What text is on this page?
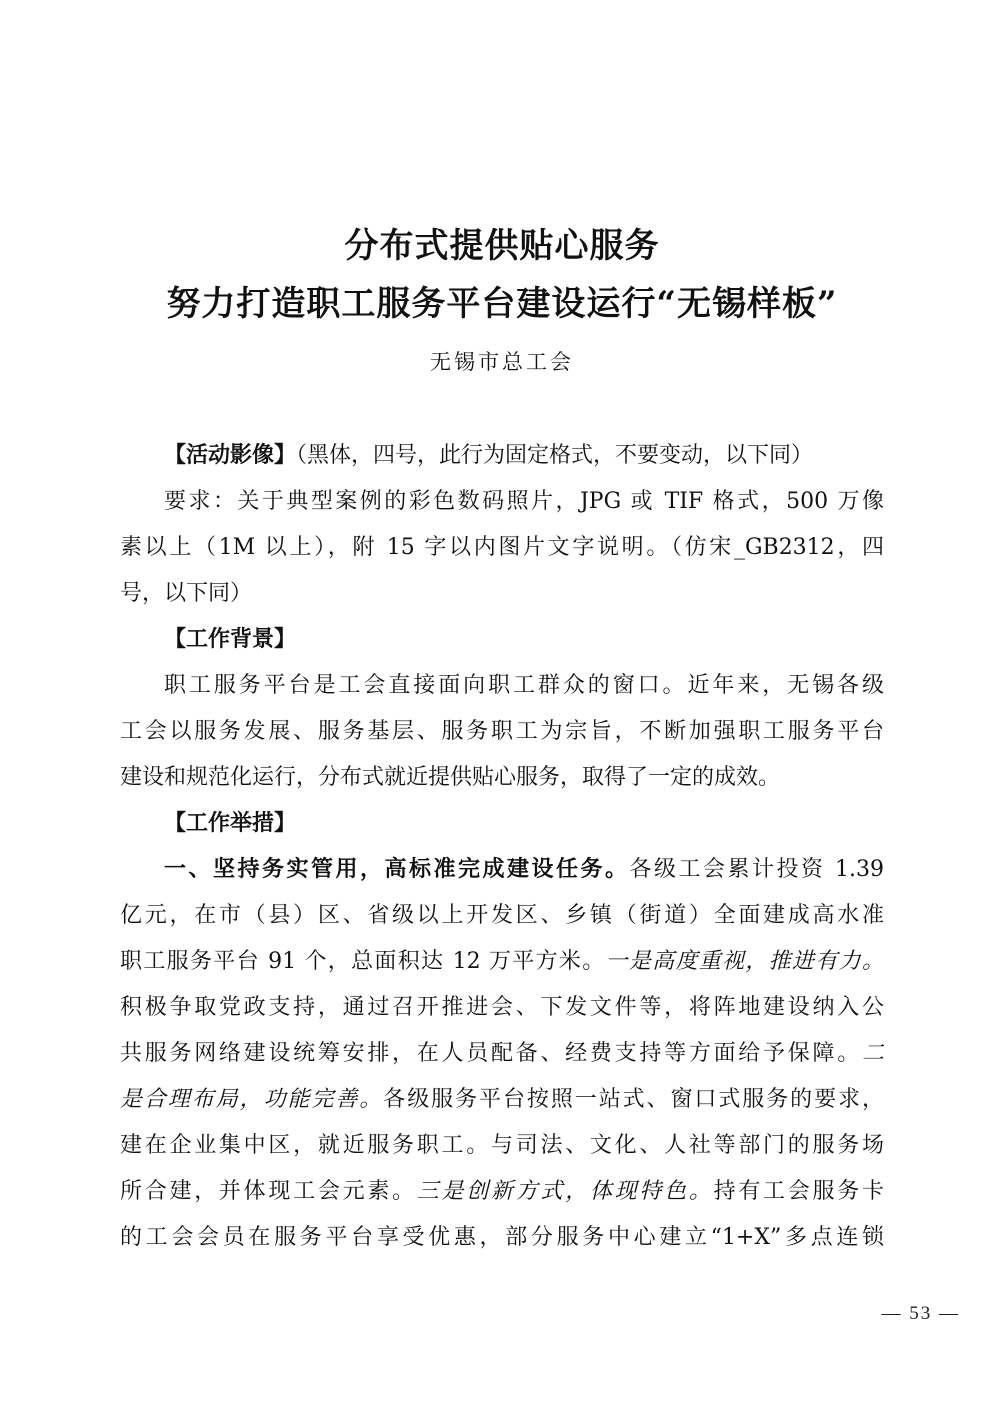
分布式提供贴心服务
努力打造职工服务平台建设运行“无锡样板”
无锡市总工会
【活动影像】（黑体，四号，此行为固定格式，不要变动，以下同）
要求：关于典型案例的彩色数码照片，JPG 或 TIF 格式，500 万像
素以上（1M 以上），附 15 字以内图片文字说明。（仿宋_GB2312，四
号，以下同）
【工作背景】
职工服务平台是工会直接面向职工群众的窗口。近年来，无锡各级
工会以服务发展、服务基层、服务职工为宗旨，不断加强职工服务平台
建设和规范化运行，分布式就近提供贴心服务，取得了一定的成效。
【工作举措】
一、坚持务实管用，高标准完成建设任务。各级工会累计投资 1.39
亿元，在市（县）区、省级以上开发区、乡镇（街道）全面建成高水准
职工服务平台 91 个，总面积达 12 万平方米。一是高度重视，推进有力。
积极争取党政支持，通过召开推进会、下发文件等，将阵地建设纳入公
共服务网络建设统筹安排，在人员配备、经费支持等方面给予保障。二
是合理布局，功能完善。各级服务平台按照一站式、窗口式服务的要求，
建在企业集中区，就近服务职工。与司法、文化、人社等部门的服务场
所合建，并体现工会元素。三是创新方式，体现特色。持有工会服务卡
的工会会员在服务平台享受优惠，部分服务中心建立“1+X”多点连锁
— 53 —
